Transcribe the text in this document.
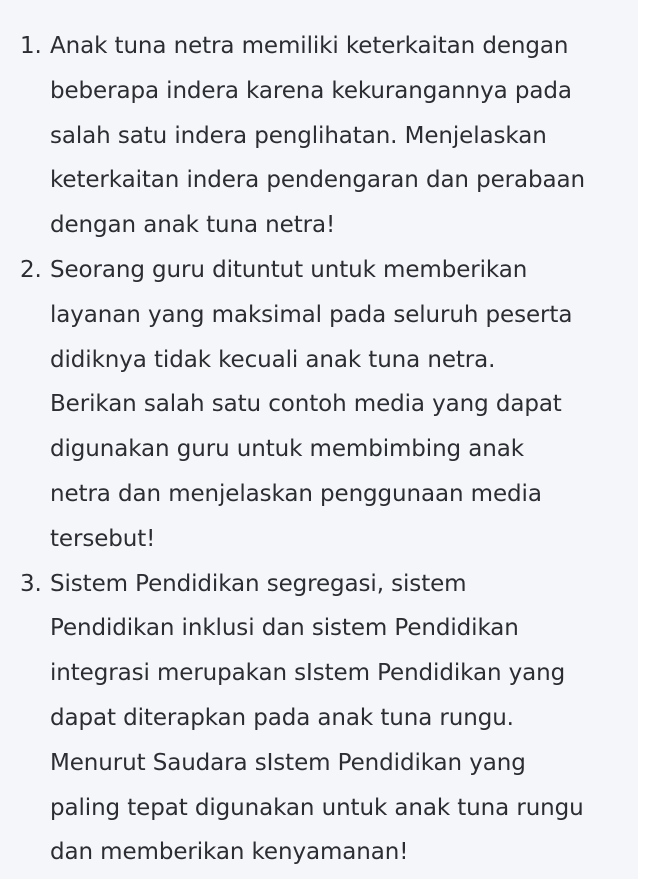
1. Anak tuna netra memiliki keterkaitan dengan
beberapa indera karena kekurangannya pada
salah satu indera penglihatan. Menjelaskan
keterkaitan indera pendengaran dan perabaan
dengan anak tuna netra!
2. Seorang guru dituntut untuk memberikan
layanan yang maksimal pada seluruh peserta
didiknya tidak kecuali anak tuna netra.
Berikan salah satu contoh media yang dapat
digunakan guru untuk membimbing anak
netra dan menjelaskan penggunaan media
tersebut!
3. Sistem Pendidikan segregasi, sistem
Pendidikan inklusi dan sistem Pendidikan
integrasi merupakan sIstem Pendidikan yang
dapat diterapkan pada anak tuna rungu.
Menurut Saudara sIstem Pendidikan yang
paling tepat digunakan untuk anak tuna rungu
dan memberikan kenyamanan!
